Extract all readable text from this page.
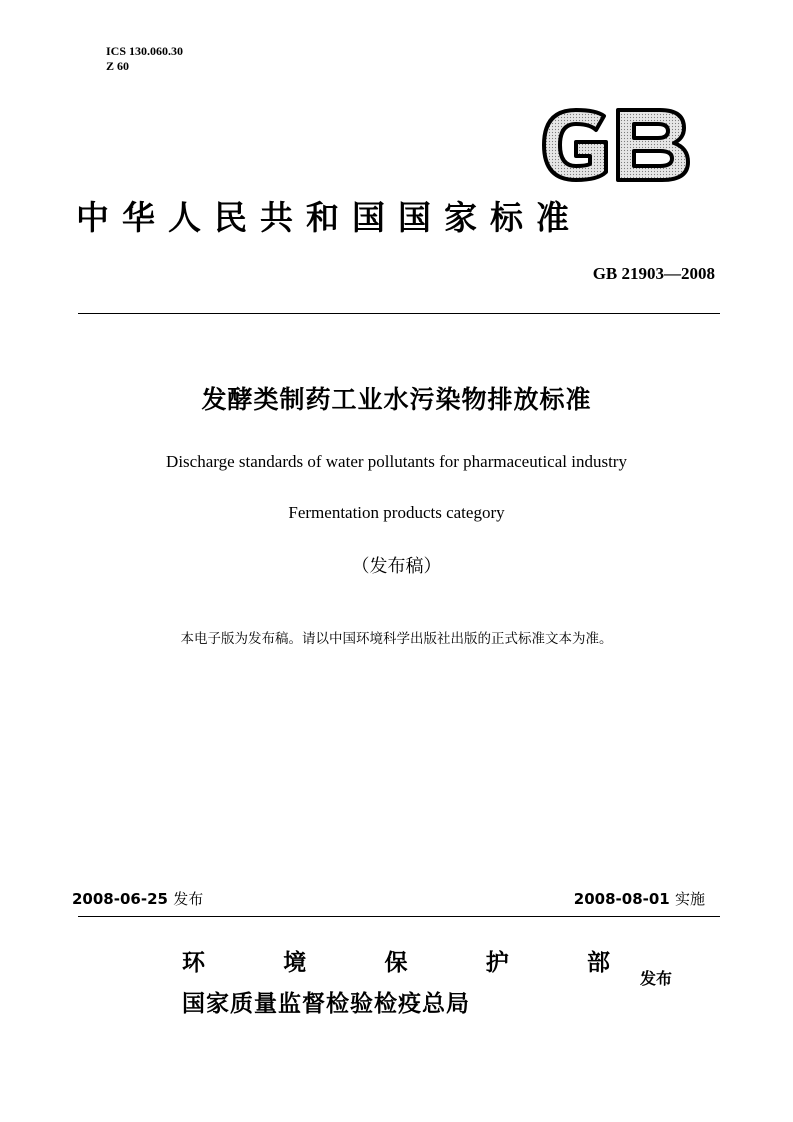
ICS 130.060.30
Z 60
中华人民共和国国家标准
GB 21903—2008
发酵类制药工业水污染物排放标准
Discharge standards of water pollutants for pharmaceutical industry
Fermentation products category
（发布稿）
本电子版为发布稿。请以中国环境科学出版社出版的正式标准文本为准。
2008-06-25 发布	2008-08-01 实施
环	境	保	护	部
国家质量监督检验检疫总局
发布
